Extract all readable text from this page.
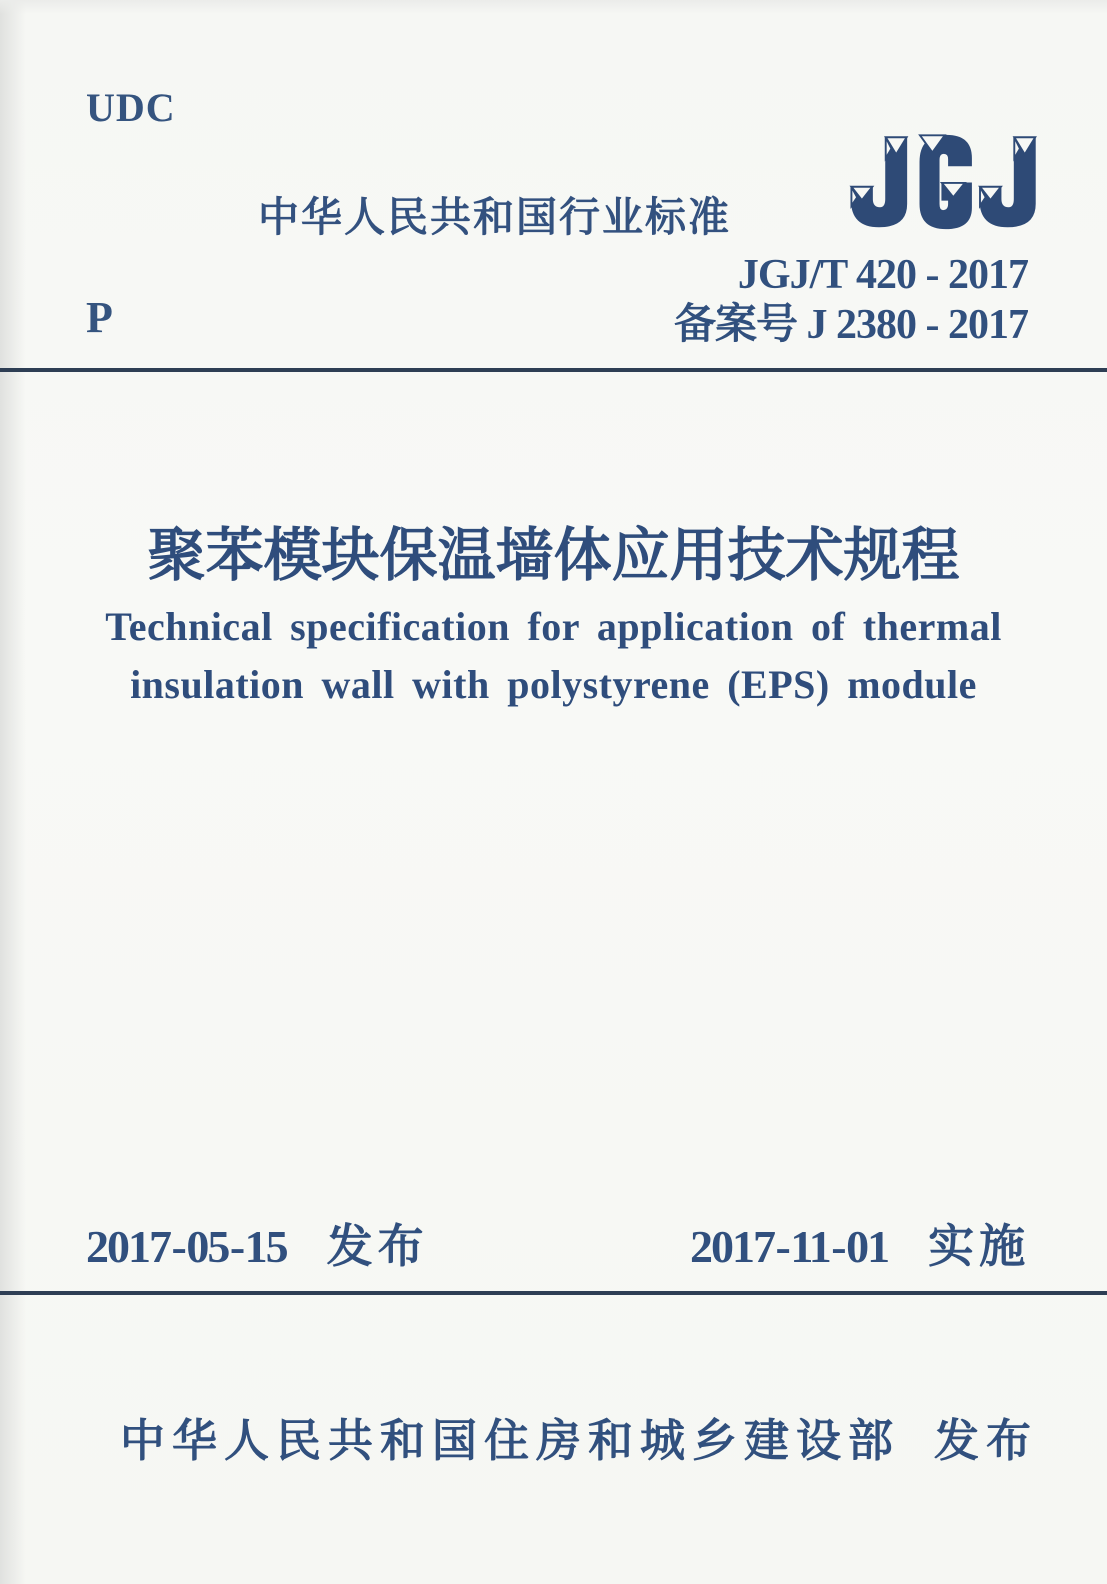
UDC
中华人民共和国行业标准
JGJ/T 420 - 2017
备案号 J 2380 - 2017
P
聚苯模块保温墙体应用技术规程
Technical specification for application of thermal
insulation wall with polystyrene (EPS) module
2017 - 05 - 15 发布	2017 - 11 - 01 实施
中华人民共和国住房和城乡建设部 发布
